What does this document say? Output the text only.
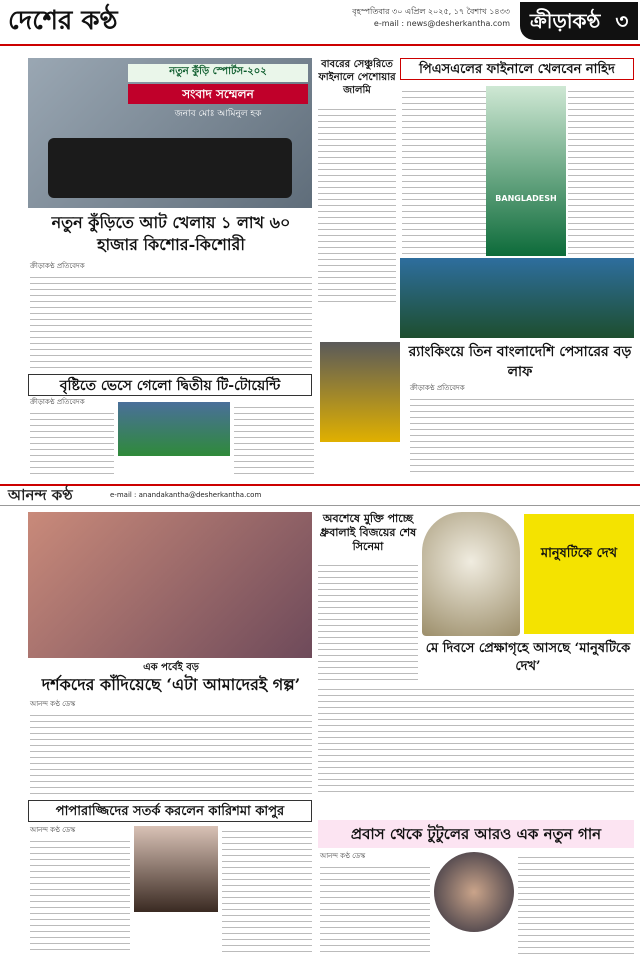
দেশের কণ্ঠ	বৃহস্পতিবার ৩০ এপ্রিল ২০২৫, ১৭ বৈশাখ ১৪৩৩
e-mail : news@desherkantha.com	ক্রীড়াকণ্ঠ ৩
নতুন কুঁড়ি স্পোর্টস-২০২
সংবাদ সম্মেলন
জনাব মোঃ আমিনুল হক
নতুন কুঁড়িতে আট খেলায় ১ লাখ ৬০ হাজার কিশোর-কিশোরী
ক্রীড়াকণ্ঠ প্রতিবেদক
বাবরের সেঞ্চুরিতে ফাইনালে পেশোয়ার জালমি
পিএসএলের ফাইনালে খেলবেন নাহিদ
BANGLADESH
র‍্যাংকিংয়ে তিন বাংলাদেশি পেসারের বড় লাফ
ক্রীড়াকণ্ঠ প্রতিবেদক
বৃষ্টিতে ভেসে গেলো দ্বিতীয় টি-টোয়েন্টি
ক্রীড়াকণ্ঠ প্রতিবেদক
আনন্দ কণ্ঠ	e-mail : anandakantha@desherkantha.com
এক পর্বেই বড়
দর্শকদের কাঁদিয়েছে ‘এটা আমাদেরই গল্প’
আনন্দ কণ্ঠ ডেস্ক
অবশেষে মুক্তি পাচ্ছে ধ্রুবালাই বিজয়ের শেষ সিনেমা	মানুষটিকে দেখ
মে দিবসে প্রেক্ষাগৃহে আসছে ‘মানুষটিকে দেখ’
পাপারাজ্জিদের সতর্ক করলেন কারিশমা কাপুর
আনন্দ কণ্ঠ ডেস্ক	প্রবাস থেকে টুটুলের আরও এক নতুন গান
আনন্দ কণ্ঠ ডেস্ক
